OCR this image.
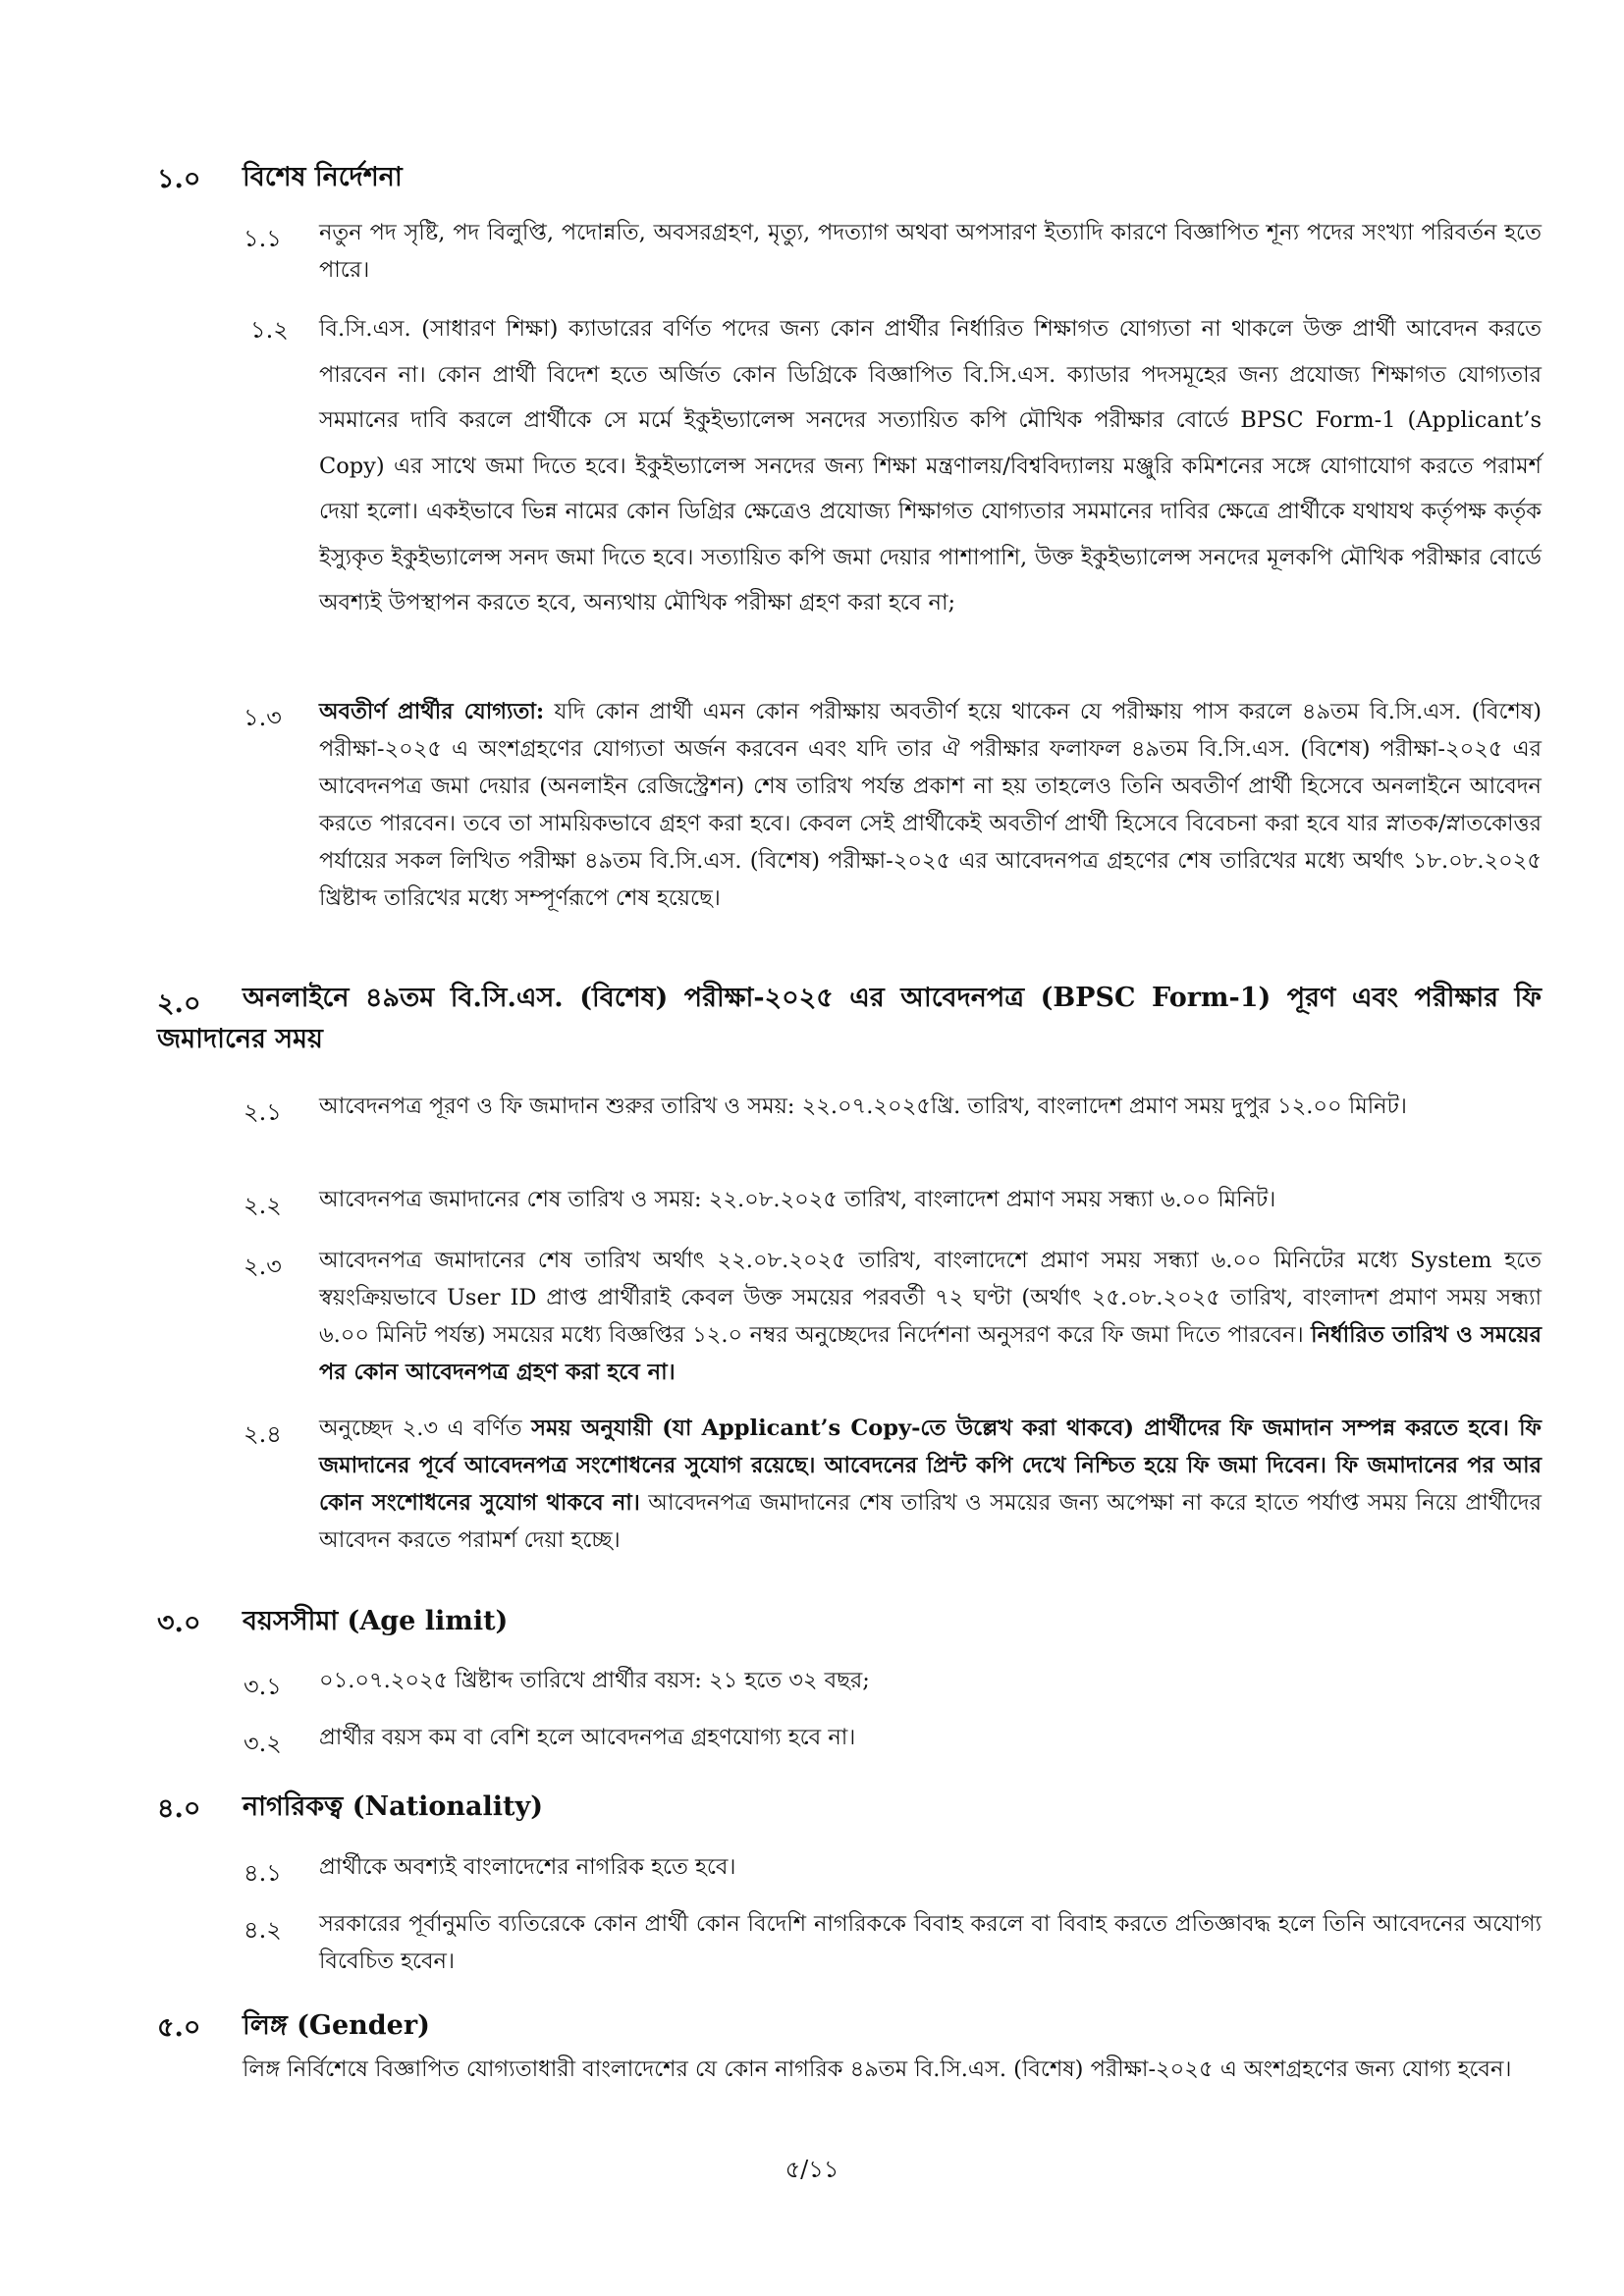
১.০ বিশেষ নির্দেশনা
১.১ নতুন পদ সৃষ্টি, পদ বিলুপ্তি, পদোন্নতি, অবসরগ্রহণ, মৃত্যু, পদত্যাগ অথবা অপসারণ ইত্যাদি কারণে বিজ্ঞাপিত শূন্য পদের সংখ্যা পরিবর্তন হতে পারে।
১.২ বি.সি.এস. (সাধারণ শিক্ষা) ক্যাডারের বর্ণিত পদের জন্য কোন প্রার্থীর নির্ধারিত শিক্ষাগত যোগ্যতা না থাকলে উক্ত প্রার্থী আবেদন করতে পারবেন না। কোন প্রার্থী বিদেশ হতে অর্জিত কোন ডিগ্রিকে বিজ্ঞাপিত বি.সি.এস. ক্যাডার পদসমূহের জন্য প্রযোজ্য শিক্ষাগত যোগ্যতার সমমানের দাবি করলে প্রার্থীকে সে মর্মে ইকুইভ্যালেন্স সনদের সত্যায়িত কপি মৌখিক পরীক্ষার বোর্ডে BPSC Form-1 (Applicant’s Copy) এর সাথে জমা দিতে হবে। ইকুইভ্যালেন্স সনদের জন্য শিক্ষা মন্ত্রণালয়/বিশ্ববিদ্যালয় মঞ্জুরি কমিশনের সঙ্গে যোগাযোগ করতে পরামর্শ দেয়া হলো। একইভাবে ভিন্ন নামের কোন ডিগ্রির ক্ষেত্রেও প্রযোজ্য শিক্ষাগত যোগ্যতার সমমানের দাবির ক্ষেত্রে প্রার্থীকে যথাযথ কর্তৃপক্ষ কর্তৃক ইস্যুকৃত ইকুইভ্যালেন্স সনদ জমা দিতে হবে। সত্যায়িত কপি জমা দেয়ার পাশাপাশি, উক্ত ইকুইভ্যালেন্স সনদের মূলকপি মৌখিক পরীক্ষার বোর্ডে অবশ্যই উপস্থাপন করতে হবে, অন্যথায় মৌখিক পরীক্ষা গ্রহণ করা হবে না;
১.৩ অবতীর্ণ প্রার্থীর যোগ্যতা: যদি কোন প্রার্থী এমন কোন পরীক্ষায় অবতীর্ণ হয়ে থাকেন যে পরীক্ষায় পাস করলে ৪৯তম বি.সি.এস. (বিশেষ) পরীক্ষা-২০২৫ এ অংশগ্রহণের যোগ্যতা অর্জন করবেন এবং যদি তার ঐ পরীক্ষার ফলাফল ৪৯তম বি.সি.এস. (বিশেষ) পরীক্ষা-২০২৫ এর আবেদনপত্র জমা দেয়ার (অনলাইন রেজিস্ট্রেশন) শেষ তারিখ পর্যন্ত প্রকাশ না হয় তাহলেও তিনি অবতীর্ণ প্রার্থী হিসেবে অনলাইনে আবেদন করতে পারবেন। তবে তা সাময়িকভাবে গ্রহণ করা হবে। কেবল সেই প্রার্থীকেই অবতীর্ণ প্রার্থী হিসেবে বিবেচনা করা হবে যার স্নাতক/স্নাতকোত্তর পর্যায়ের সকল লিখিত পরীক্ষা ৪৯তম বি.সি.এস. (বিশেষ) পরীক্ষা-২০২৫ এর আবেদনপত্র গ্রহণের শেষ তারিখের মধ্যে অর্থাৎ ১৮.০৮.২০২৫ খ্রিষ্টাব্দ তারিখের মধ্যে সম্পূর্ণরূপে শেষ হয়েছে।
২.০	অনলাইনে ৪৯তম বি.সি.এস. (বিশেষ) পরীক্ষা-২০২৫ এর আবেদনপত্র (BPSC Form-1) পূরণ এবং পরীক্ষার ফি জমাদানের সময়
২.১ আবেদনপত্র পূরণ ও ফি জমাদান শুরুর তারিখ ও সময়: ২২.০৭.২০২৫খ্রি. তারিখ, বাংলাদেশ প্রমাণ সময় দুপুর ১২.০০ মিনিট।
২.২ আবেদনপত্র জমাদানের শেষ তারিখ ও সময়: ২২.০৮.২০২৫ তারিখ, বাংলাদেশ প্রমাণ সময় সন্ধ্যা ৬.০০ মিনিট।
২.৩ আবেদনপত্র জমাদানের শেষ তারিখ অর্থাৎ ২২.০৮.২০২৫ তারিখ, বাংলাদেশে প্রমাণ সময় সন্ধ্যা ৬.০০ মিনিটের মধ্যে System হতে স্বয়ংক্রিয়ভাবে User ID প্রাপ্ত প্রার্থীরাই কেবল উক্ত সময়ের পরবর্তী ৭২ ঘণ্টা (অর্থাৎ ২৫.০৮.২০২৫ তারিখ, বাংলাদশ প্রমাণ সময় সন্ধ্যা ৬.০০ মিনিট পর্যন্ত) সময়ের মধ্যে বিজ্ঞপ্তির ১২.০ নম্বর অনুচ্ছেদের নির্দেশনা অনুসরণ করে ফি জমা দিতে পারবেন। নির্ধারিত তারিখ ও সময়ের পর কোন আবেদনপত্র গ্রহণ করা হবে না।
২.৪ অনুচ্ছেদ ২.৩ এ বর্ণিত সময় অনুযায়ী (যা Applicant’s Copy-তে উল্লেখ করা থাকবে) প্রার্থীদের ফি জমাদান সম্পন্ন করতে হবে। ফি জমাদানের পূর্বে আবেদনপত্র সংশোধনের সুযোগ রয়েছে। আবেদনের প্রিন্ট কপি দেখে নিশ্চিত হয়ে ফি জমা দিবেন। ফি জমাদানের পর আর কোন সংশোধনের সুযোগ থাকবে না। আবেদনপত্র জমাদানের শেষ তারিখ ও সময়ের জন্য অপেক্ষা না করে হাতে পর্যাপ্ত সময় নিয়ে প্রার্থীদের আবেদন করতে পরামর্শ দেয়া হচ্ছে।
৩.০ বয়সসীমা (Age limit)
৩.১ ০১.০৭.২০২৫ খ্রিষ্টাব্দ তারিখে প্রার্থীর বয়স: ২১ হতে ৩২ বছর;
৩.২ প্রার্থীর বয়স কম বা বেশি হলে আবেদনপত্র গ্রহণযোগ্য হবে না।
৪.০ নাগরিকত্ব (Nationality)
৪.১ প্রার্থীকে অবশ্যই বাংলাদেশের নাগরিক হতে হবে।
৪.২ সরকারের পূর্বানুমতি ব্যতিরেকে কোন প্রার্থী কোন বিদেশি নাগরিককে বিবাহ করলে বা বিবাহ করতে প্রতিজ্ঞাবদ্ধ হলে তিনি আবেদনের অযোগ্য বিবেচিত হবেন।
৫.০ লিঙ্গ (Gender)
লিঙ্গ নির্বিশেষে বিজ্ঞাপিত যোগ্যতাধারী বাংলাদেশের যে কোন নাগরিক ৪৯তম বি.সি.এস. (বিশেষ) পরীক্ষা-২০২৫ এ অংশগ্রহণের জন্য যোগ্য হবেন।
৫/১১
